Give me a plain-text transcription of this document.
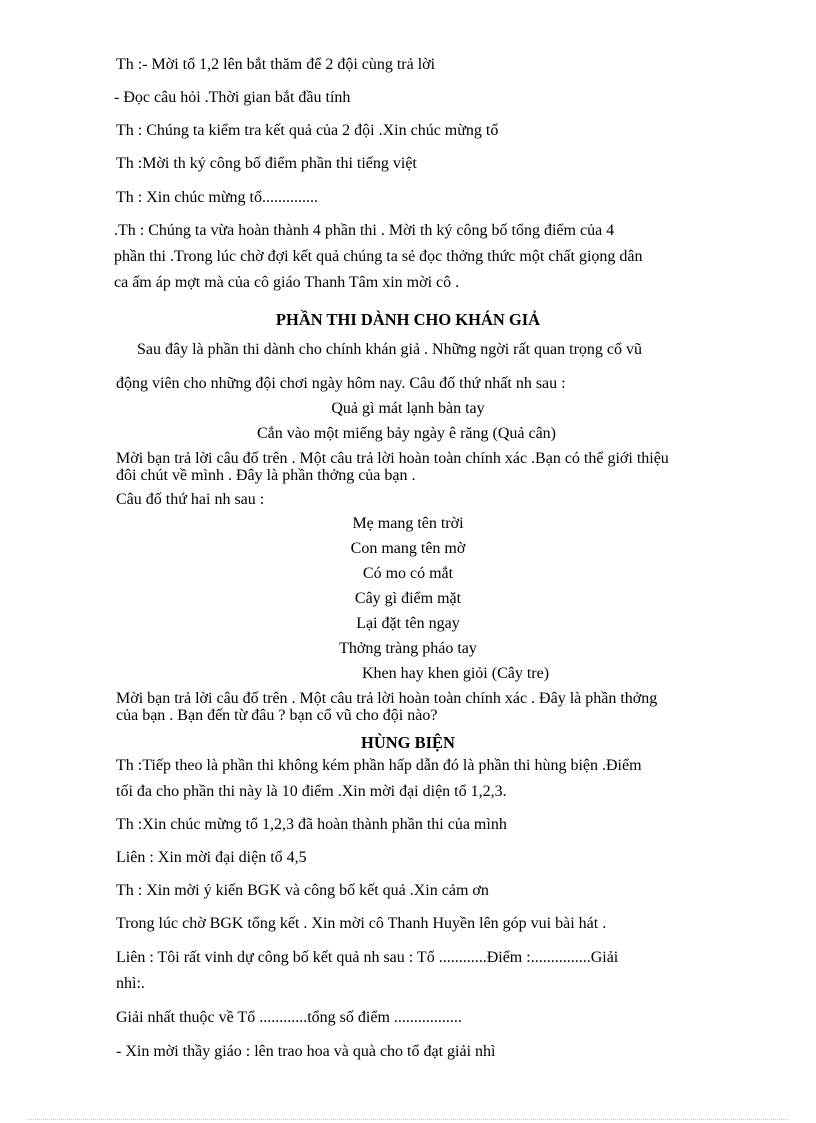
Th :- Mời tổ 1,2 lên bắt thăm để 2 đội cùng trả lời
- Đọc câu hỏi .Thời gian bắt đầu tính
Th : Chúng ta kiểm tra kết quả của 2 đội .Xin chúc mừng tổ
Th :Mời th ký công bố điểm phần thi tiếng việt
Th : Xin chúc mừng tổ..............
.Th : Chúng ta vừa hoàn thành 4 phần thi . Mời th ký công bố tổng điểm của 4
phần thi .Trong lúc chờ đợi kết quả chúng ta sẻ đọc thởng thức một chất giọng dân
ca ấm áp mợt mà của cô giáo Thanh Tâm xin mời cô .
PHẦN THI DÀNH CHO KHÁN GIẢ
Sau đây là phần thi dành cho chính khán giả . Những ngời rất quan trọng cổ vũ
động viên cho những đội chơi ngày hôm nay. Câu đố thứ nhất nh sau :
Quả gì mát lạnh bàn tay
Cắn vào một miếng bảy ngày ê răng (Quả cân)
Mời bạn trả lời câu đố trên . Một câu trả lời hoàn toàn chính xác .Bạn có thể giới thiệu
đôi chút về mình . Đây là phần thởng của bạn .
Câu đố thứ hai nh sau :
Mẹ mang tên trời
Con mang tên mờ
Có mo có mắt
Cây gì điểm mặt
Lại đặt tên ngay
Thởng tràng pháo tay
Khen hay khen giỏi (Cây tre)
Mời bạn trả lời câu đố trên . Một câu trả lời hoàn toàn chính xác . Đây là phần thởng
của bạn . Bạn đến từ đâu ? bạn cổ vũ cho đội nào?
HÙNG BIỆN
Th :Tiếp theo là phần thi không kém phần hấp dẫn đó là phần thi hùng biện .Điểm
tối đa cho phần thi này là 10 điểm .Xin mời đại diện tổ 1,2,3.
Th :Xin chúc mừng tổ 1,2,3 đã hoàn thành phần thi của mình
Liên : Xin mời đại diện tổ 4,5
Th : Xin mời ý kiến BGK và công bố kết quả .Xin cảm ơn
Trong lúc chờ BGK tổng kết . Xin mời cô Thanh Huyền lên góp vui bài hát .
Liên : Tôi rất vinh dự công bố kết quả nh sau : Tổ ............Điểm :...............Giải
nhì:.
Giải nhất thuộc về Tổ ............tổng số điểm .................
- Xin mời thầy giáo : lên trao hoa và quà cho tổ đạt giải nhì
